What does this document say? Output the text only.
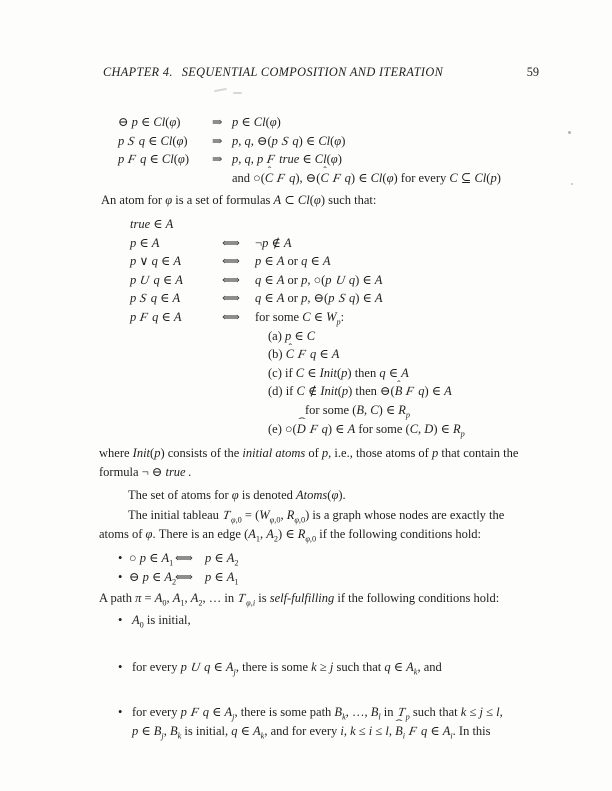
CHAPTER 4. SEQUENTIAL COMPOSITION AND ITERATION	59
⊖ p ∈ Cl(φ)	⇒ p ∈ Cl(φ)
p S q ∈ Cl(φ)	⇒ p, q, ⊖(p S q) ∈ Cl(φ)
p F q ∈ Cl(φ)	⇒ p, q, p F true ∈ Cl(φ)
and ○(C ˆ F q), ⊖(C ˆ F q) ∈ Cl(φ) for every C ⊆ Cl(p)
An atom for φ is a set of formulas A ⊂ Cl(φ) such that:
true ∈ A
p ∈ A	⟺	¬p ∉ A
p ∨ q ∈ A	⟺	p ∈ A or q ∈ A
p U q ∈ A	⟺	q ∈ A or p, ○(p U q) ∈ A
p S q ∈ A	⟺	q ∈ A or p, ⊖(p S q) ∈ A
p F q ∈ A	⟺	for some C ∈ $W_p$:
(a) p ∈ C
(b) C ˆ F q ∈ A
(c) if C ∈ Init(p) then q ∈ A
(d) if C ∉ Init(p) then ⊖(B ˆ F q) ∈ A
for some (B, C) ∈ $R_p$
(e) ○(D ˆ F q) ∈ A for some (C, D) ∈ $R_p$
where Init(p) consists of the initial atoms of p, i.e., those atoms of p that contain the
formula ¬ ⊖ true .
The set of atoms for φ is denoted Atoms(φ).
The initial tableau $T_{\varphi,0} = (W_{\varphi,0}$, $R_{\varphi,0}$) is a graph whose nodes are exactly the
atoms of φ. There is an edge ($A_1$, $A_2$) ∈ $R_{\varphi,0}$ if the following conditions hold:
• ○ p ∈ $A_1$ ⟺ p ∈ $A_2$
• ⊖ p ∈ $A_2$
⟺ p ∈ $A_1$
A path $\pi = A_0$, $A_1$, $A_2$, … in $T_{\varphi,i}$ is self-fulfilling if the following conditions hold:
• $A_0$ is initial,
• for every p U q ∈ $A_j$, there is some k ≥ j such that q ∈ $A_k$, and
• for every p F q ∈ $A_j$, there is some path $B_k$, …, $B_l$ in $T_p$ such that k ≤ j ≤ l,
p ∈ $B_j$, $B_k$ is initial, q ∈ $A_k$, and for every i, k ≤ i ≤ l, B ˆ$_i$ F q ∈ $A_i$. In this
